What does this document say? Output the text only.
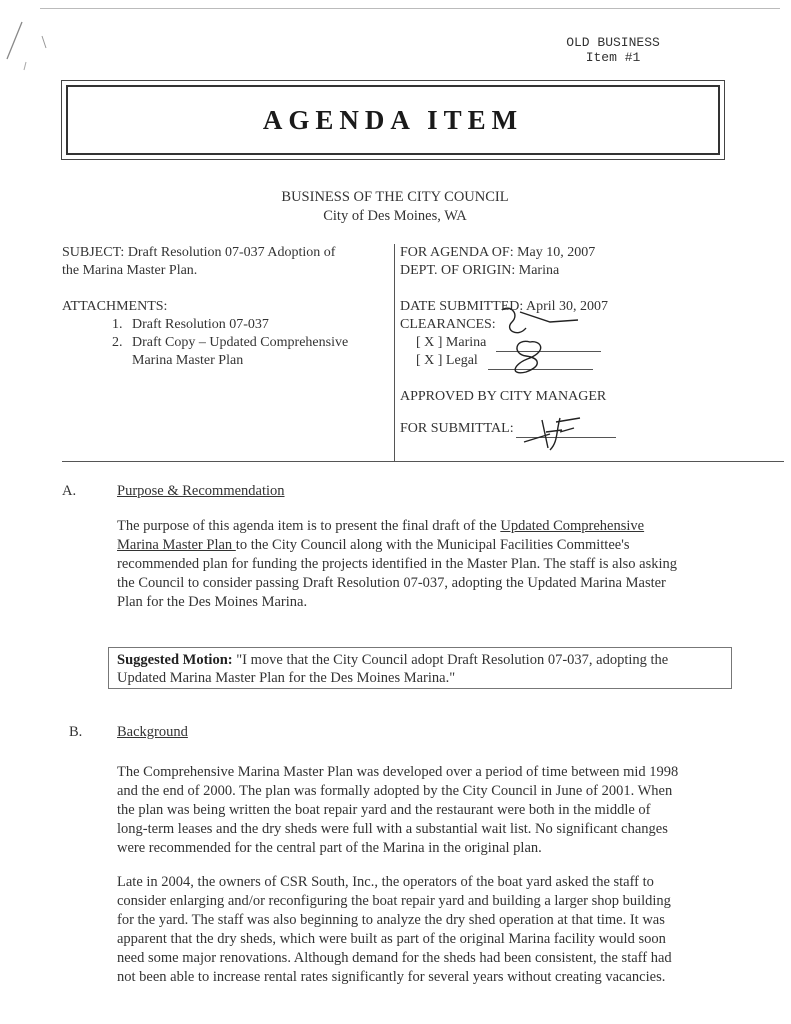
OLD BUSINESS
Item #1
AGENDA ITEM
BUSINESS OF THE CITY COUNCIL
City of Des Moines, WA

SUBJECT: Draft Resolution 07-037 Adoption of

the Marina Master Plan.

ATTACHMENTS:

1. Draft Resolution 07-037
2. Draft Copy – Updated Comprehensive
Marina Master Plan

FOR AGENDA OF: May 10, 2007

DEPT. OF ORIGIN: Marina

DATE SUBMITTED: April 30, 2007

CLEARANCES:

[ X ] Marina
[ X ] Legal

APPROVED BY CITY MANAGER

FOR SUBMITTAL:
A.	Purpose & Recommendation
The purpose of this agenda item is to present the final draft of the Updated Comprehensive
Marina Master Plan to the City Council along with the Municipal Facilities Committee's
recommended plan for funding the projects identified in the Master Plan. The staff is also asking
the Council to consider passing Draft Resolution 07-037, adopting the Updated Marina Master
Plan for the Des Moines Marina.
Suggested Motion: "I move that the City Council adopt Draft Resolution 07-037, adopting the
Updated Marina Master Plan for the Des Moines Marina."
B. Background
The Comprehensive Marina Master Plan was developed over a period of time between mid 1998
and the end of 2000. The plan was formally adopted by the City Council in June of 2001. When
the plan was being written the boat repair yard and the restaurant were both in the middle of
long-term leases and the dry sheds were full with a substantial wait list. No significant changes
were recommended for the central part of the Marina in the original plan.
Late in 2004, the owners of CSR South, Inc., the operators of the boat yard asked the staff to
consider enlarging and/or reconfiguring the boat repair yard and building a larger shop building
for the yard. The staff was also beginning to analyze the dry shed operation at that time. It was
apparent that the dry sheds, which were built as part of the original Marina facility would soon
need some major renovations. Although demand for the sheds had been consistent, the staff had
not been able to increase rental rates significantly for several years without creating vacancies.
